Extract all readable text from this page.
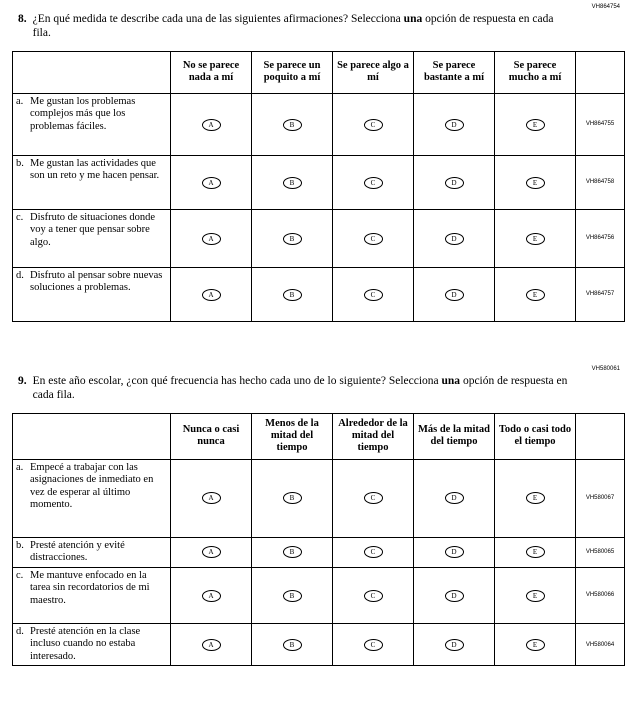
VH864754
8. ¿En qué medida te describe cada una de las siguientes afirmaciones? Selecciona una opción de respuesta en cada fila.
	No se parece nada a mí	Se parece un poquito a mí	Se parece algo a mí	Se parece bastante a mí	Se parece mucho a mí	

a. Me gustan los problemas complejos más que los problemas fáciles.	A	B	C	D	E	VH864755

b. Me gustan las actividades que son un reto y me hacen pensar.	A	B	C	D	E	VH864758

c. Disfruto de situaciones donde voy a tener que pensar sobre algo.	A	B	C	D	E	VH864756

d. Disfruto al pensar sobre nuevas soluciones a problemas.	A	B	C	D	E	VH864757
VH580061
9. En este año escolar, ¿con qué frecuencia has hecho cada uno de lo siguiente? Selecciona una opción de respuesta en cada fila.
	Nunca o casi nunca	Menos de la mitad del tiempo	Alrededor de la mitad del tiempo	Más de la mitad del tiempo	Todo o casi todo el tiempo	

a. Empecé a trabajar con las asignaciones de inmediato en vez de esperar al último momento.	A	B	C	D	E	VH580067

b. Presté atención y evité distracciones.	A	B	C	D	E	VH580065

c. Me mantuve enfocado en la tarea sin recordatorios de mi maestro.	A	B	C	D	E	VH580066

d. Presté atención en la clase incluso cuando no estaba interesado.	A	B	C	D	E	VH580064
